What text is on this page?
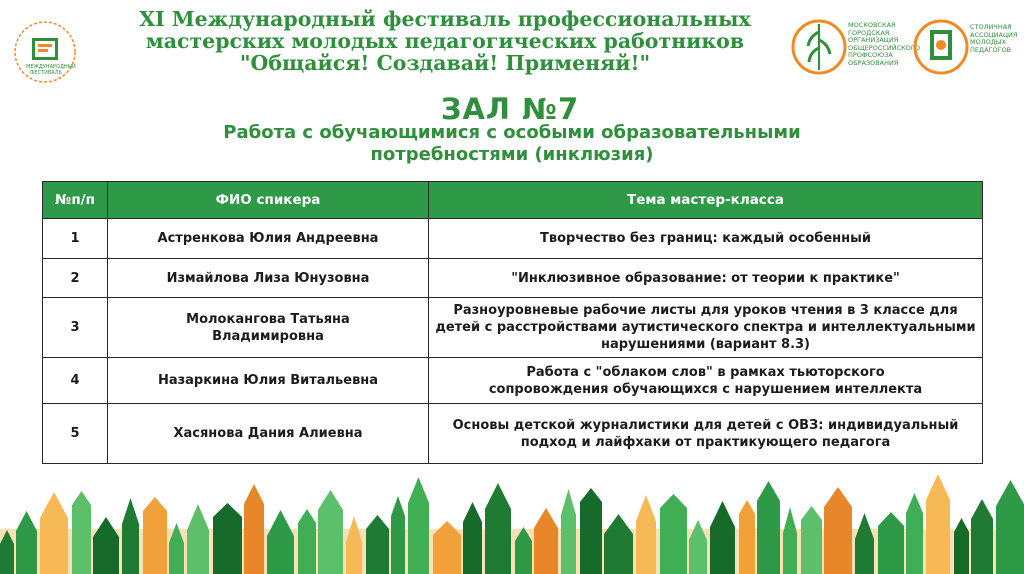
МЕЖДУНАРОДНЫЙ ФЕСТИВАЛЬ
XI Международный фестиваль профессиональных
мастерских молодых педагогических работников
"Общайся! Создавай! Применяй!"
МОСКОВСКАЯ
ГОРОДСКАЯ
ОРГАНИЗАЦИЯ
ОБЩЕРОССИЙСКОГО
ПРОФСОЮЗА
ОБРАЗОВАНИЯ
СТОЛИЧНАЯ
АССОЦИАЦИЯ
МОЛОДЫХ
ПЕДАГОГОВ
ЗАЛ №7
Работа с обучающимися с особыми образовательными
потребностями (инклюзия)
№п/п	ФИО спикера	Тема мастер-класса
1	Астренкова Юлия Андреевна	Творчество без границ: каждый особенный
2	Измайлова Лиза Юнузовна	"Инклюзивное образование: от теории к практике"
3	Молокангова Татьяна Владимировна	Разноуровневые рабочие листы для уроков чтения в 3 классе для детей с расстройствами аутистического спектра и интеллектуальными нарушениями (вариант 8.3)
4	Назаркина Юлия Витальевна	Работа с "облаком слов" в рамках тьюторского сопровождения обучающихся с нарушением интеллекта
5	Хасянова Дания Алиевна	Основы детской журналистики для детей с ОВЗ: индивидуальный подход и лайфхаки от практикующего педагога
